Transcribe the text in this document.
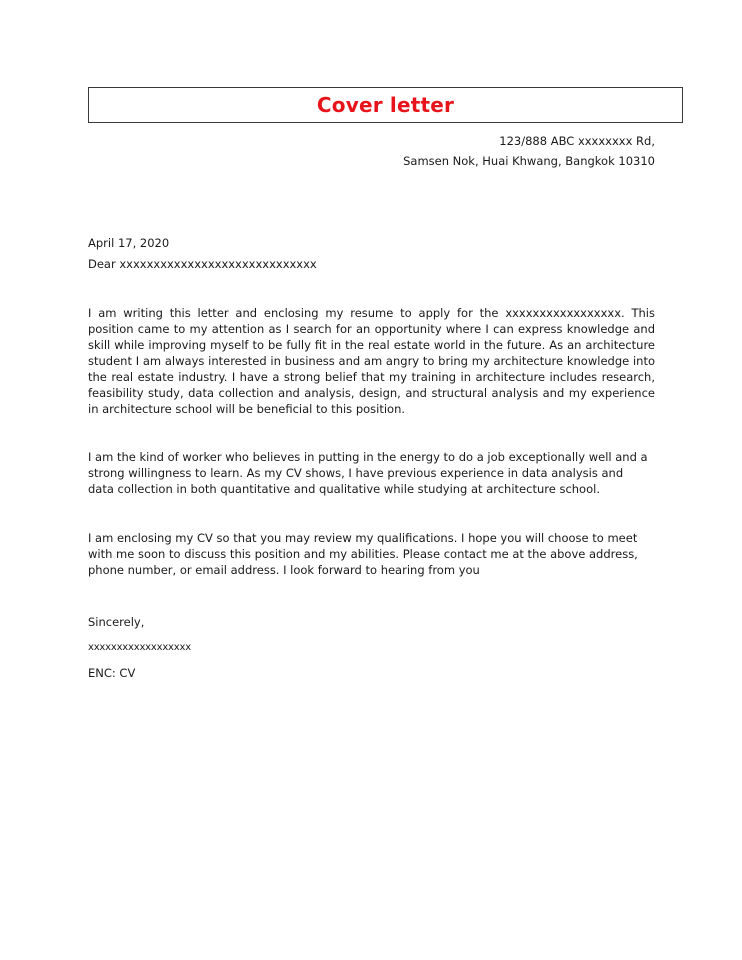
Cover letter
123/888 ABC xxxxxxxx Rd,
Samsen Nok, Huai Khwang, Bangkok 10310
April 17, 2020
Dear xxxxxxxxxxxxxxxxxxxxxxxxxxxxx
I am writing this letter and enclosing my resume to apply for the xxxxxxxxxxxxxxxxx. This position came to my attention as I search for an opportunity where I can express knowledge and skill while improving myself to be fully fit in the real estate world in the future. As an architecture student I am always interested in business and am angry to bring my architecture knowledge into the real estate industry. I have a strong belief that my training in architecture includes research, feasibility study, data collection and analysis, design, and structural analysis and my experience in architecture school will be beneficial to this position.
I am the kind of worker who believes in putting in the energy to do a job exceptionally well and a strong willingness to learn. As my CV shows, I have previous experience in data analysis and data collection in both quantitative and qualitative while studying at architecture school.
I am enclosing my CV so that you may review my qualifications. I hope you will choose to meet with me soon to discuss this position and my abilities. Please contact me at the above address, phone number, or email address. I look forward to hearing from you
Sincerely,
xxxxxxxxxxxxxxxxxx
ENC: CV
